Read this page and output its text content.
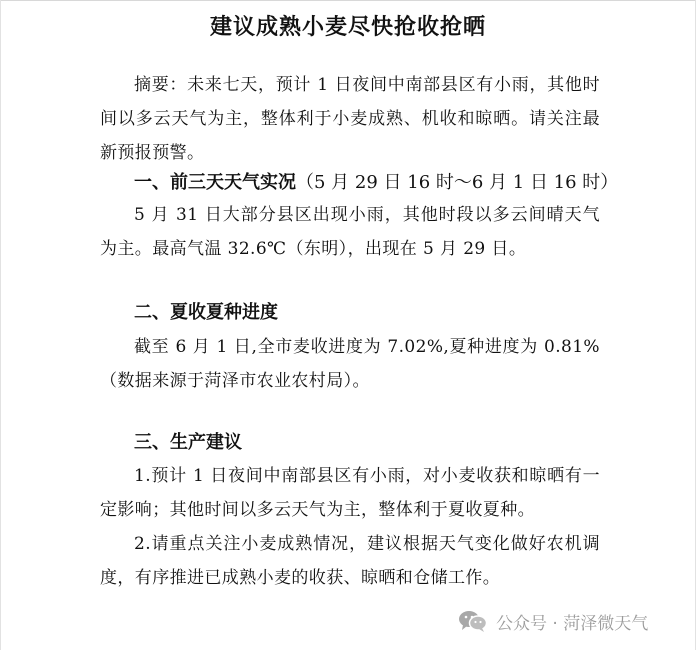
建议成熟小麦尽快抢收抢晒

摘要：未来七天，预计 1 日夜间中南部县区有小雨，其他时间以多云天气为主，整体利于小麦成熟、机收和晾晒。请关注最新预报预警。

一、前三天天气实况（5 月 29 日 16 时～6 月 1 日 16 时）

5 月 31 日大部分县区出现小雨，其他时段以多云间晴天气为主。最高气温 32.6℃（东明），出现在 5 月 29 日。

二、夏收夏种进度

截至 6 月 1 日,全市麦收进度为 7.02%,夏种进度为 0.81%（数据来源于菏泽市农业农村局）。

三、生产建议

1.预计 1 日夜间中南部县区有小雨，对小麦收获和晾晒有一定影响；其他时间以多云天气为主，整体利于夏收夏种。

2.请重点关注小麦成熟情况，建议根据天气变化做好农机调度，有序推进已成熟小麦的收获、晾晒和仓储工作。

公众号 · 菏泽微天气
